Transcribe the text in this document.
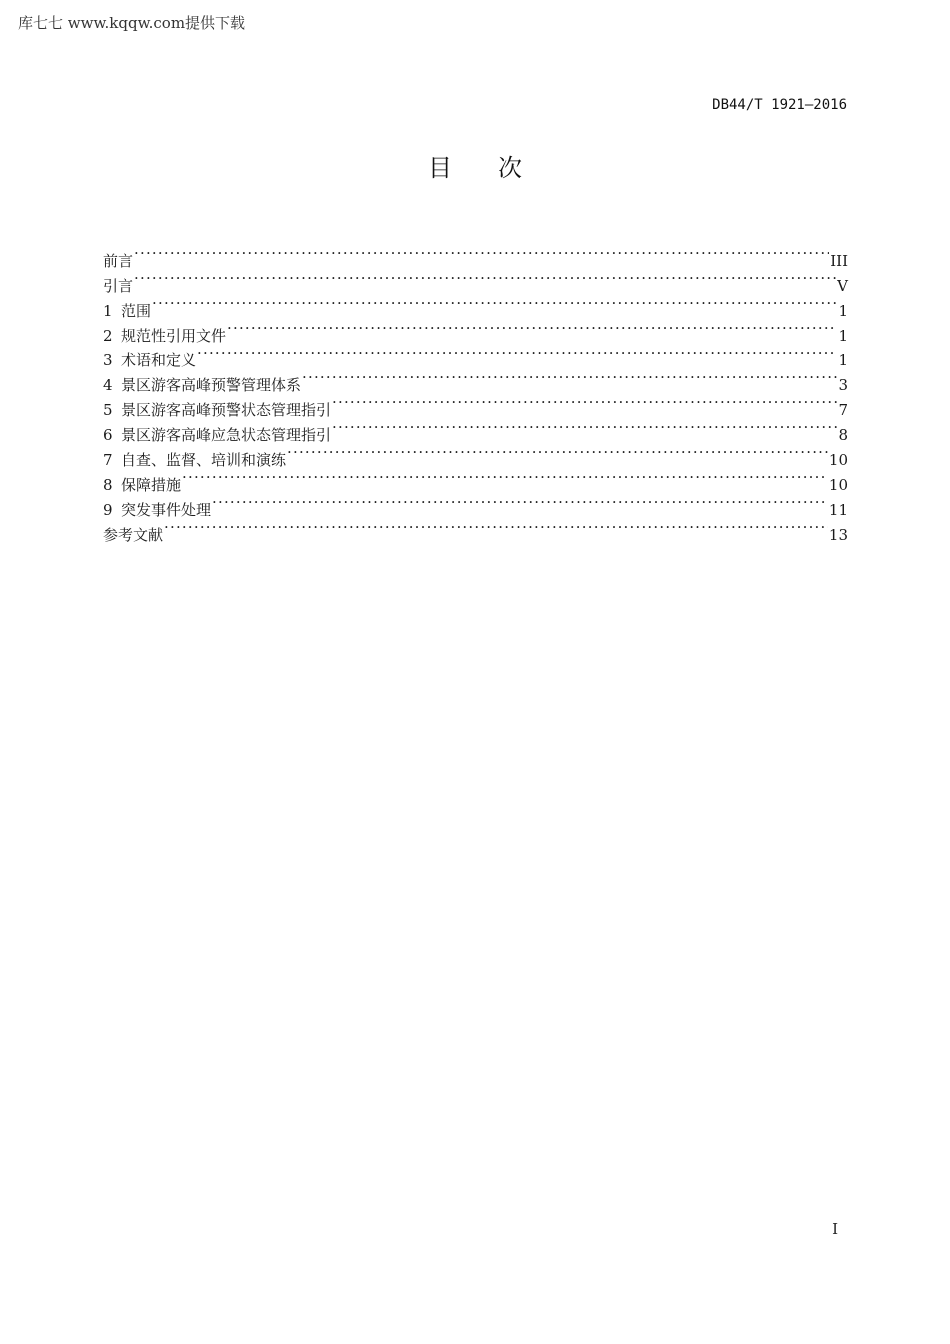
库七七 www.kqqw.com提供下载
DB44/T 1921—2016
目次
前言 ·····	III
引言 ·····	V
1 范围 ·····	1
2 规范性引用文件 ·····	1
3 术语和定义 ·····	1
4 景区游客高峰预警管理体系 ·····	3
5 景区游客高峰预警状态管理指引 ·····	7
6 景区游客高峰应急状态管理指引 ·····	8
7 自查、监督、培训和演练 ·····	10
8 保障措施 ·····	10
9 突发事件处理 ·····	11
参考文献 ·····	13
I
